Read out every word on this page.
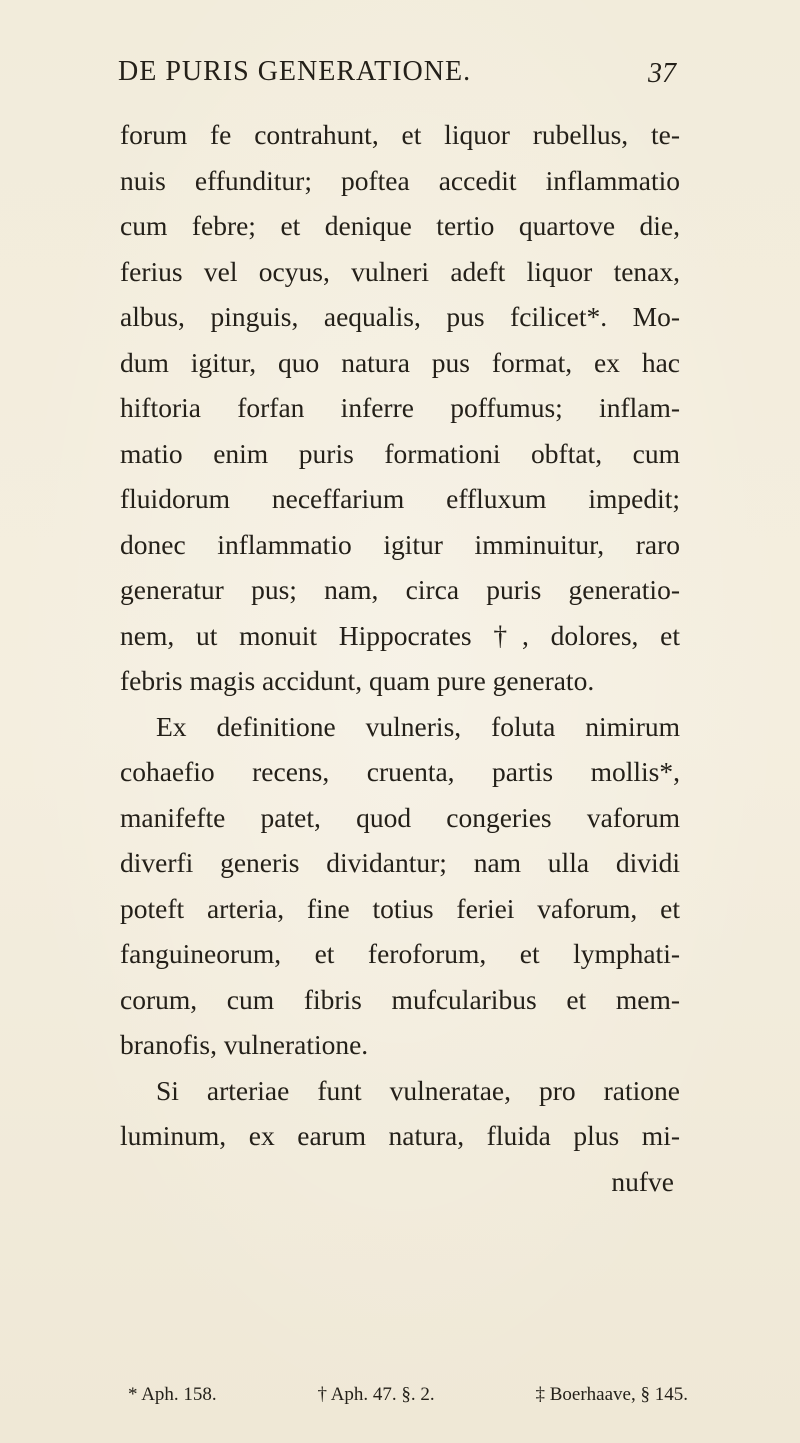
DE PURIS GENERATIONE.	37
forum fe contrahunt, et liquor rubellus, te-
nuis effunditur; poftea accedit inflammatio
cum febre; et denique tertio quartove die,
ferius vel ocyus, vulneri adeft liquor tenax,
albus, pinguis, aequalis, pus fcilicet*. Mo-
dum igitur, quo natura pus format, ex hac
hiftoria forfan inferre poffumus; inflam-
matio enim puris formationi obftat, cum
fluidorum neceffarium effluxum impedit;
donec inflammatio igitur imminuitur, raro
generatur pus; nam, circa puris generatio-
nem, ut monuit Hippocrates †, dolores, et
febris magis accidunt, quam pure generato.
Ex definitione vulneris, foluta nimirum
cohaefio recens, cruenta, partis mollis*,
manifefte patet, quod congeries vaforum
diverfi generis dividantur; nam ulla dividi
poteft arteria, fine totius feriei vaforum, et
fanguineorum, et feroforum, et lymphati-
corum, cum fibris mufcularibus et mem-
branofis, vulneratione.
Si arteriae funt vulneratae, pro ratione
luminum, ex earum natura, fluida plus mi-
nufve
* Aph. 158.	† Aph. 47. §. 2.	‡ Boerhaave, § 145.
